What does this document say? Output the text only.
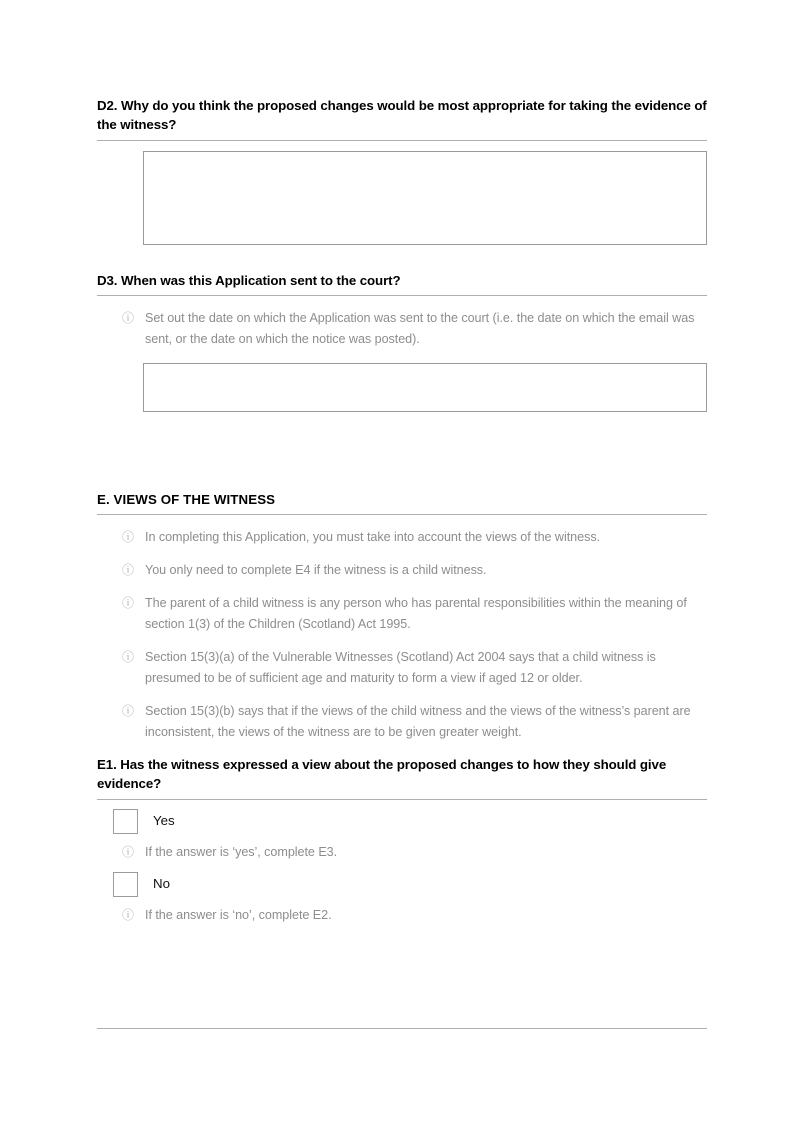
D2. Why do you think the proposed changes would be most appropriate for taking the evidence of the witness?

D3. When was this Application sent to the court?

ⓘ Set out the date on which the Application was sent to the court (i.e. the date on which the email was sent, or the date on which the notice was posted).

E. VIEWS OF THE WITNESS

ⓘ In completing this Application, you must take into account the views of the witness.
ⓘ You only need to complete E4 if the witness is a child witness.
ⓘ The parent of a child witness is any person who has parental responsibilities within the meaning of section 1(3) of the Children (Scotland) Act 1995.
ⓘ Section 15(3)(a) of the Vulnerable Witnesses (Scotland) Act 2004 says that a child witness is presumed to be of sufficient age and maturity to form a view if aged 12 or older.
ⓘ Section 15(3)(b) says that if the views of the child witness and the views of the witness’s parent are inconsistent, the views of the witness are to be given greater weight.

E1. Has the witness expressed a view about the proposed changes to how they should give evidence?

Yes
ⓘ If the answer is ‘yes’, complete E3.
No
ⓘ If the answer is ‘no’, complete E2.
